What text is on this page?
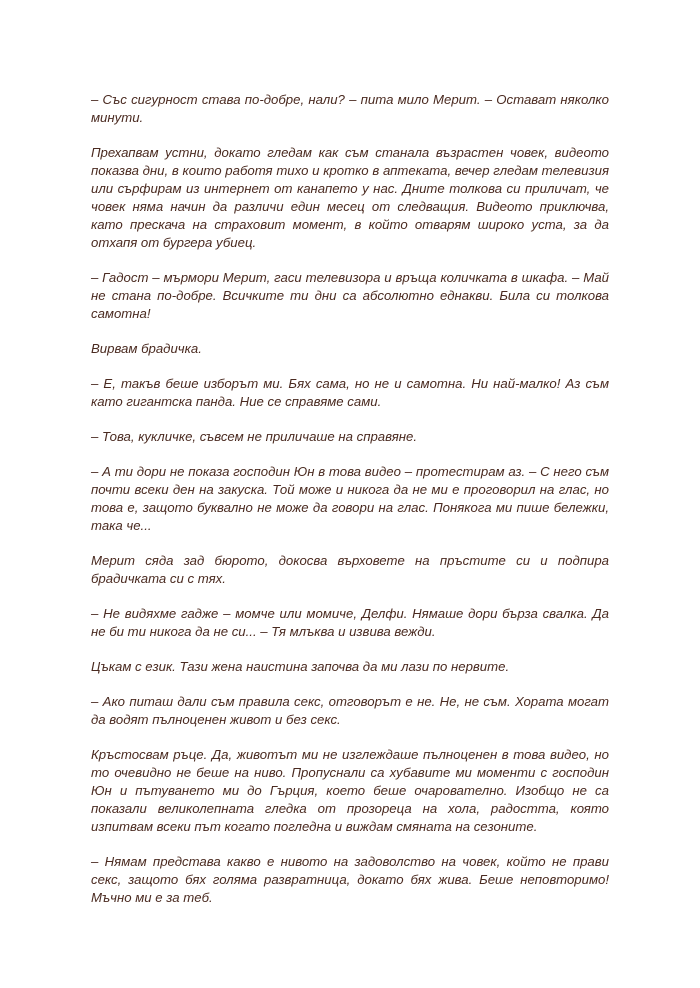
– Със сигурност става по-добре, нали? – пита мило Мерит. – Остават няколко минути.

Прехапвам устни, докато гледам как съм станала възрастен човек, видеото показва дни, в които работя тихо и кротко в аптеката, вечер гледам телевизия или сърфирам из интернет от канапето у нас. Дните толкова си приличат, че човек няма начин да различи един месец от следващия. Видеото приключва, като прескача на страховит момент, в който отварям широко уста, за да отхапя от бургера убиец.

– Гадост – мърмори Мерит, гаси телевизора и връща количката в шкафа. – Май не стана по-добре. Всичките ти дни са абсолютно еднакви. Била си толкова самотна!

Вирвам брадичка.

– Е, такъв беше изборът ми. Бях сама, но не и самотна. Ни най-малко! Аз съм като гигантска панда. Ние се справяме сами.

– Това, кукличке, съвсем не приличаше на справяне.

– А ти дори не показа господин Юн в това видео – протестирам аз. – С него съм почти всеки ден на закуска. Той може и никога да не ми е проговорил на глас, но това е, защото буквално не може да говори на глас. Понякога ми пише бележки, така че...

Мерит сяда зад бюрото, докосва върховете на пръстите си и подпира брадичката си с тях.

– Не видяхме гадже – момче или момиче, Делфи. Нямаше дори бърза свалка. Да не би ти никога да не си... – Тя млъква и извива вежди.

Цъкам с език. Тази жена наистина започва да ми лази по нервите.

– Ако питаш дали съм правила секс, отговорът е не. Не, не съм. Хората могат да водят пълноценен живот и без секс.

Кръстосвам ръце. Да, животът ми не изглеждаше пълноценен в това видео, но то очевидно не беше на ниво. Пропуснали са хубавите ми моменти с господин Юн и пътуването ми до Гърция, което беше очарователно. Изобщо не са показали великолепната гледка от прозореца на хола, радостта, която изпитвам всеки път когато погледна и виждам смяната на сезоните.

– Нямам представа какво е нивото на задоволство на човек, който не прави секс, защото бях голяма развратница, докато бях жива. Беше неповторимо! Мъчно ми е за теб.
